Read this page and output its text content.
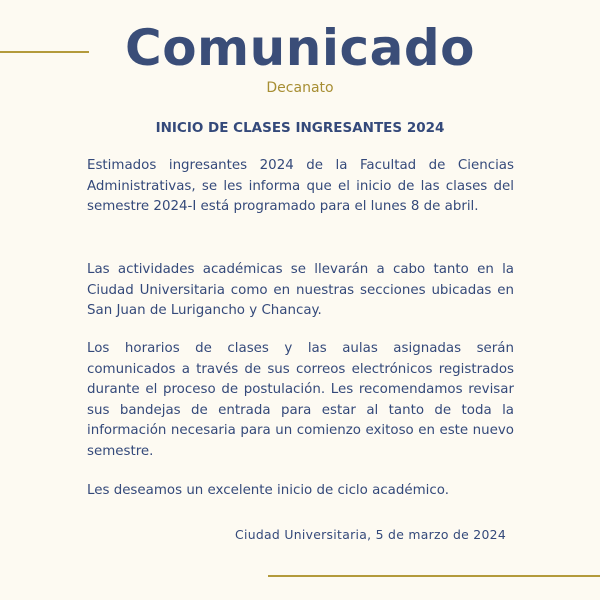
Comunicado
Decanato
INICIO DE CLASES INGRESANTES 2024

Estimados ingresantes 2024 de la Facultad de Ciencias Administrativas, se les informa que el inicio de las clases del semestre 2024-I está programado para el lunes 8 de abril.

Las actividades académicas se llevarán a cabo tanto en la Ciudad Universitaria como en nuestras secciones ubicadas en San Juan de Lurigancho y Chancay.

Los horarios de clases y las aulas asignadas serán comunicados a través de sus correos electrónicos registrados durante el proceso de postulación. Les recomendamos revisar sus bandejas de entrada para estar al tanto de toda la información necesaria para un comienzo exitoso en este nuevo semestre.

Les deseamos un excelente inicio de ciclo académico.

Ciudad Universitaria, 5 de marzo de 2024
